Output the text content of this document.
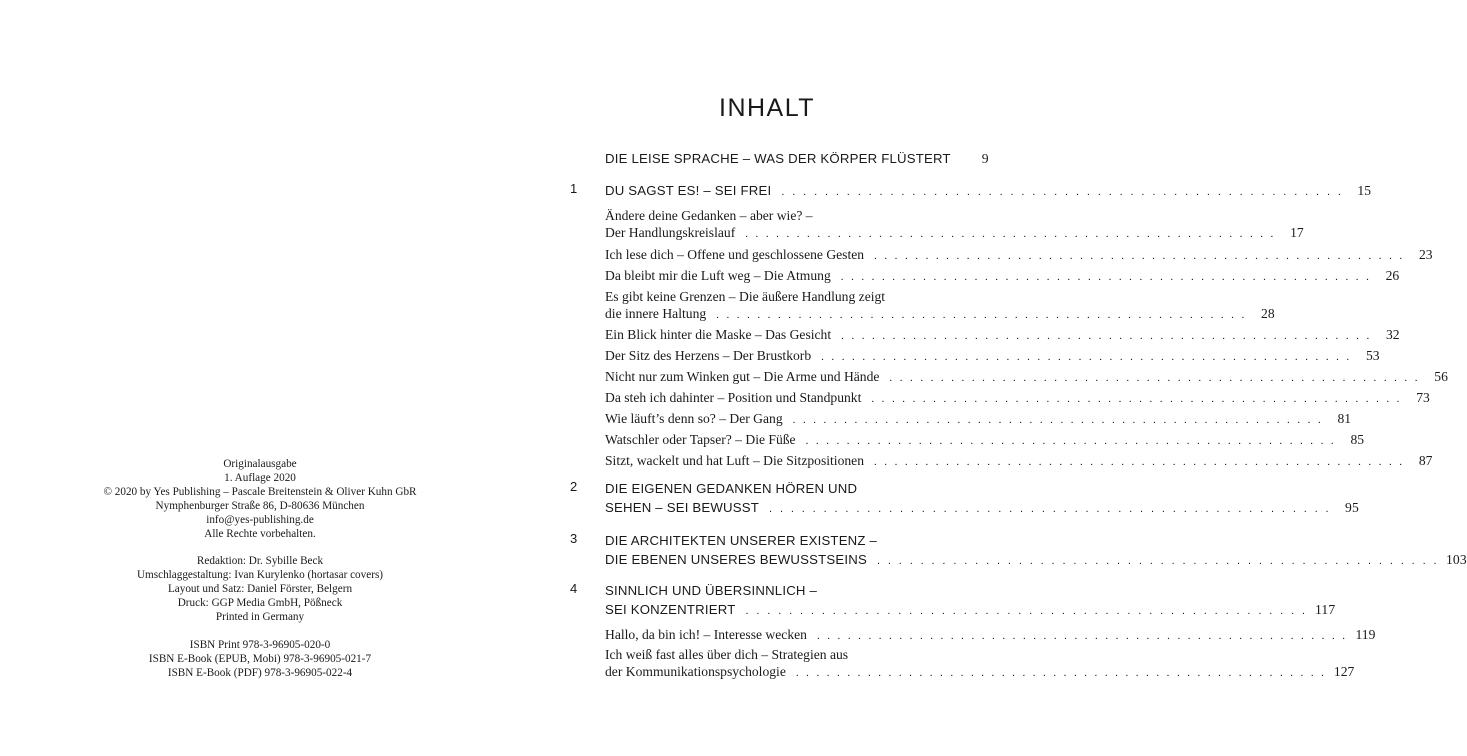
Originalausgabe
1. Auflage 2020
© 2020 by Yes Publishing – Pascale Breitenstein & Oliver Kuhn GbR
Nymphenburger Straße 86, D-80636 München
info@yes-publishing.de
Alle Rechte vorbehalten.
Redaktion: Dr. Sybille Beck
Umschlaggestaltung: Ivan Kurylenko (hortasar covers)
Layout und Satz: Daniel Förster, Belgern
Druck: GGP Media GmbH, Pößneck
Printed in Germany
ISBN Print 978-3-96905-020-0
ISBN E-Book (EPUB, Mobi) 978-3-96905-021-7
ISBN E-Book (PDF) 978-3-96905-022-4
INHALT
DIE LEISE SPRACHE – WAS DER KÖRPER FLÜSTERT	9
1 DU SAGST ES! – SEI FREI . . . . . . . . . . . . . . . . . . . . . . . . . . . . . . . . . . . . . . . . . . . . . . . . . . . .	15
Ändere deine Gedanken – aber wie? –
Der Handlungskreislauf . . . . . . . . . . . . . . . . . . . . . . . . . . . . . . . . . . . . . . . . . . . . . . . . . . . .	17
Ich lese dich – Offene und geschlossene Gesten . . . . . . . . . . . . . . . . . . . . . . . . . . . . . . . . . . . . . . . . . . . . . . . . . . . .	23
Da bleibt mir die Luft weg – Die Atmung . . . . . . . . . . . . . . . . . . . . . . . . . . . . . . . . . . . . . . . . . . . . . . . . . . . .	26
Es gibt keine Grenzen – Die äußere Handlung zeigt
die innere Haltung . . . . . . . . . . . . . . . . . . . . . . . . . . . . . . . . . . . . . . . . . . . . . . . . . . . .	28
Ein Blick hinter die Maske – Das Gesicht . . . . . . . . . . . . . . . . . . . . . . . . . . . . . . . . . . . . . . . . . . . . . . . . . . . .	32
Der Sitz des Herzens – Der Brustkorb . . . . . . . . . . . . . . . . . . . . . . . . . . . . . . . . . . . . . . . . . . . . . . . . . . . .	53
Nicht nur zum Winken gut – Die Arme und Hände . . . . . . . . . . . . . . . . . . . . . . . . . . . . . . . . . . . . . . . . . . . . . . . . . . . .	56
Da steh ich dahinter – Position und Standpunkt . . . . . . . . . . . . . . . . . . . . . . . . . . . . . . . . . . . . . . . . . . . . . . . . . . . .	73
Wie läuft’s denn so? – Der Gang . . . . . . . . . . . . . . . . . . . . . . . . . . . . . . . . . . . . . . . . . . . . . . . . . . . .	81
Watschler oder Tapser? – Die Füße . . . . . . . . . . . . . . . . . . . . . . . . . . . . . . . . . . . . . . . . . . . . . . . . . . . .	85
Sitzt, wackelt und hat Luft – Die Sitzpositionen . . . . . . . . . . . . . . . . . . . . . . . . . . . . . . . . . . . . . . . . . . . . . . . . . . . .	87
2 DIE EIGENEN GEDANKEN HÖREN UND
SEHEN – SEI BEWUSST . . . . . . . . . . . . . . . . . . . . . . . . . . . . . . . . . . . . . . . . . . . . . . . . . . . .	95
3 DIE ARCHITEKTEN UNSERER EXISTENZ –
DIE EBENEN UNSERES BEWUSSTSEINS . . . . . . . . . . . . . . . . . . . . . . . . . . . . . . . . . . . . . . . . . . . . . . . . . . . . 103
4 SINNLICH UND ÜBERSINNLICH –
SEI KONZENTRIERT . . . . . . . . . . . . . . . . . . . . . . . . . . . . . . . . . . . . . . . . . . . . . . . . . . . . 117
Hallo, da bin ich! – Interesse wecken . . . . . . . . . . . . . . . . . . . . . . . . . . . . . . . . . . . . . . . . . . . . . . . . . . . . 119
Ich weiß fast alles über dich – Strategien aus
der Kommunikationspsychologie . . . . . . . . . . . . . . . . . . . . . . . . . . . . . . . . . . . . . . . . . . . . . . . . . . . . 127
